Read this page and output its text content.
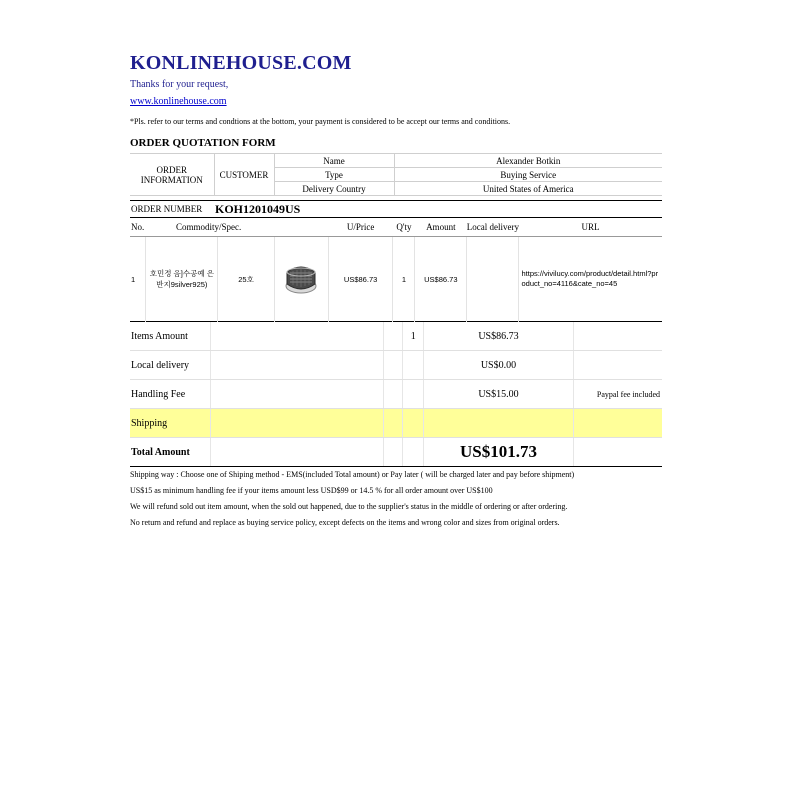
KONLINEHOUSE.COM
Thanks for your request,
www.konlinehouse.com
*Pls. refer to our terms and condtions at the bottom, your payment is considered to be accept our terms and conditions.
ORDER QUOTATION FORM
ORDER INFORMATION	CUSTOMER	Name	Alexander Botkin
		Type	Buying Service
		Delivery Country	United States of America
ORDER NUMBER KOH1201049US
No.	Commodity/Spec.			U/Price	Q'ty	Amount	Local delivery	URL
1	호민정 음]수공예 은반지9silver925)	25호		US$86.73	1	US$86.73		https://vivilucy.com/product/detail.html?product_no=4116&cate_no=45
Items Amount			1	US$86.73	
Local delivery				US$0.00	
Handling Fee				US$15.00	Paypal fee included
Shipping					
Total Amount				US$101.73	

Shipping way : Choose one of Shiping method - EMS(included Total amount) or Pay later ( will be charged later and pay before shipment)

US$15 as minimum handling fee if your items amount less USD$99 or 14.5 % for all order amount over US$100

We will refund sold out item amount, when the sold out happened, due to the supplier's status in the middle of ordering or after ordering.

No return and refund and replace as buying service policy, except defects on the items and wrong color and sizes from original orders.
